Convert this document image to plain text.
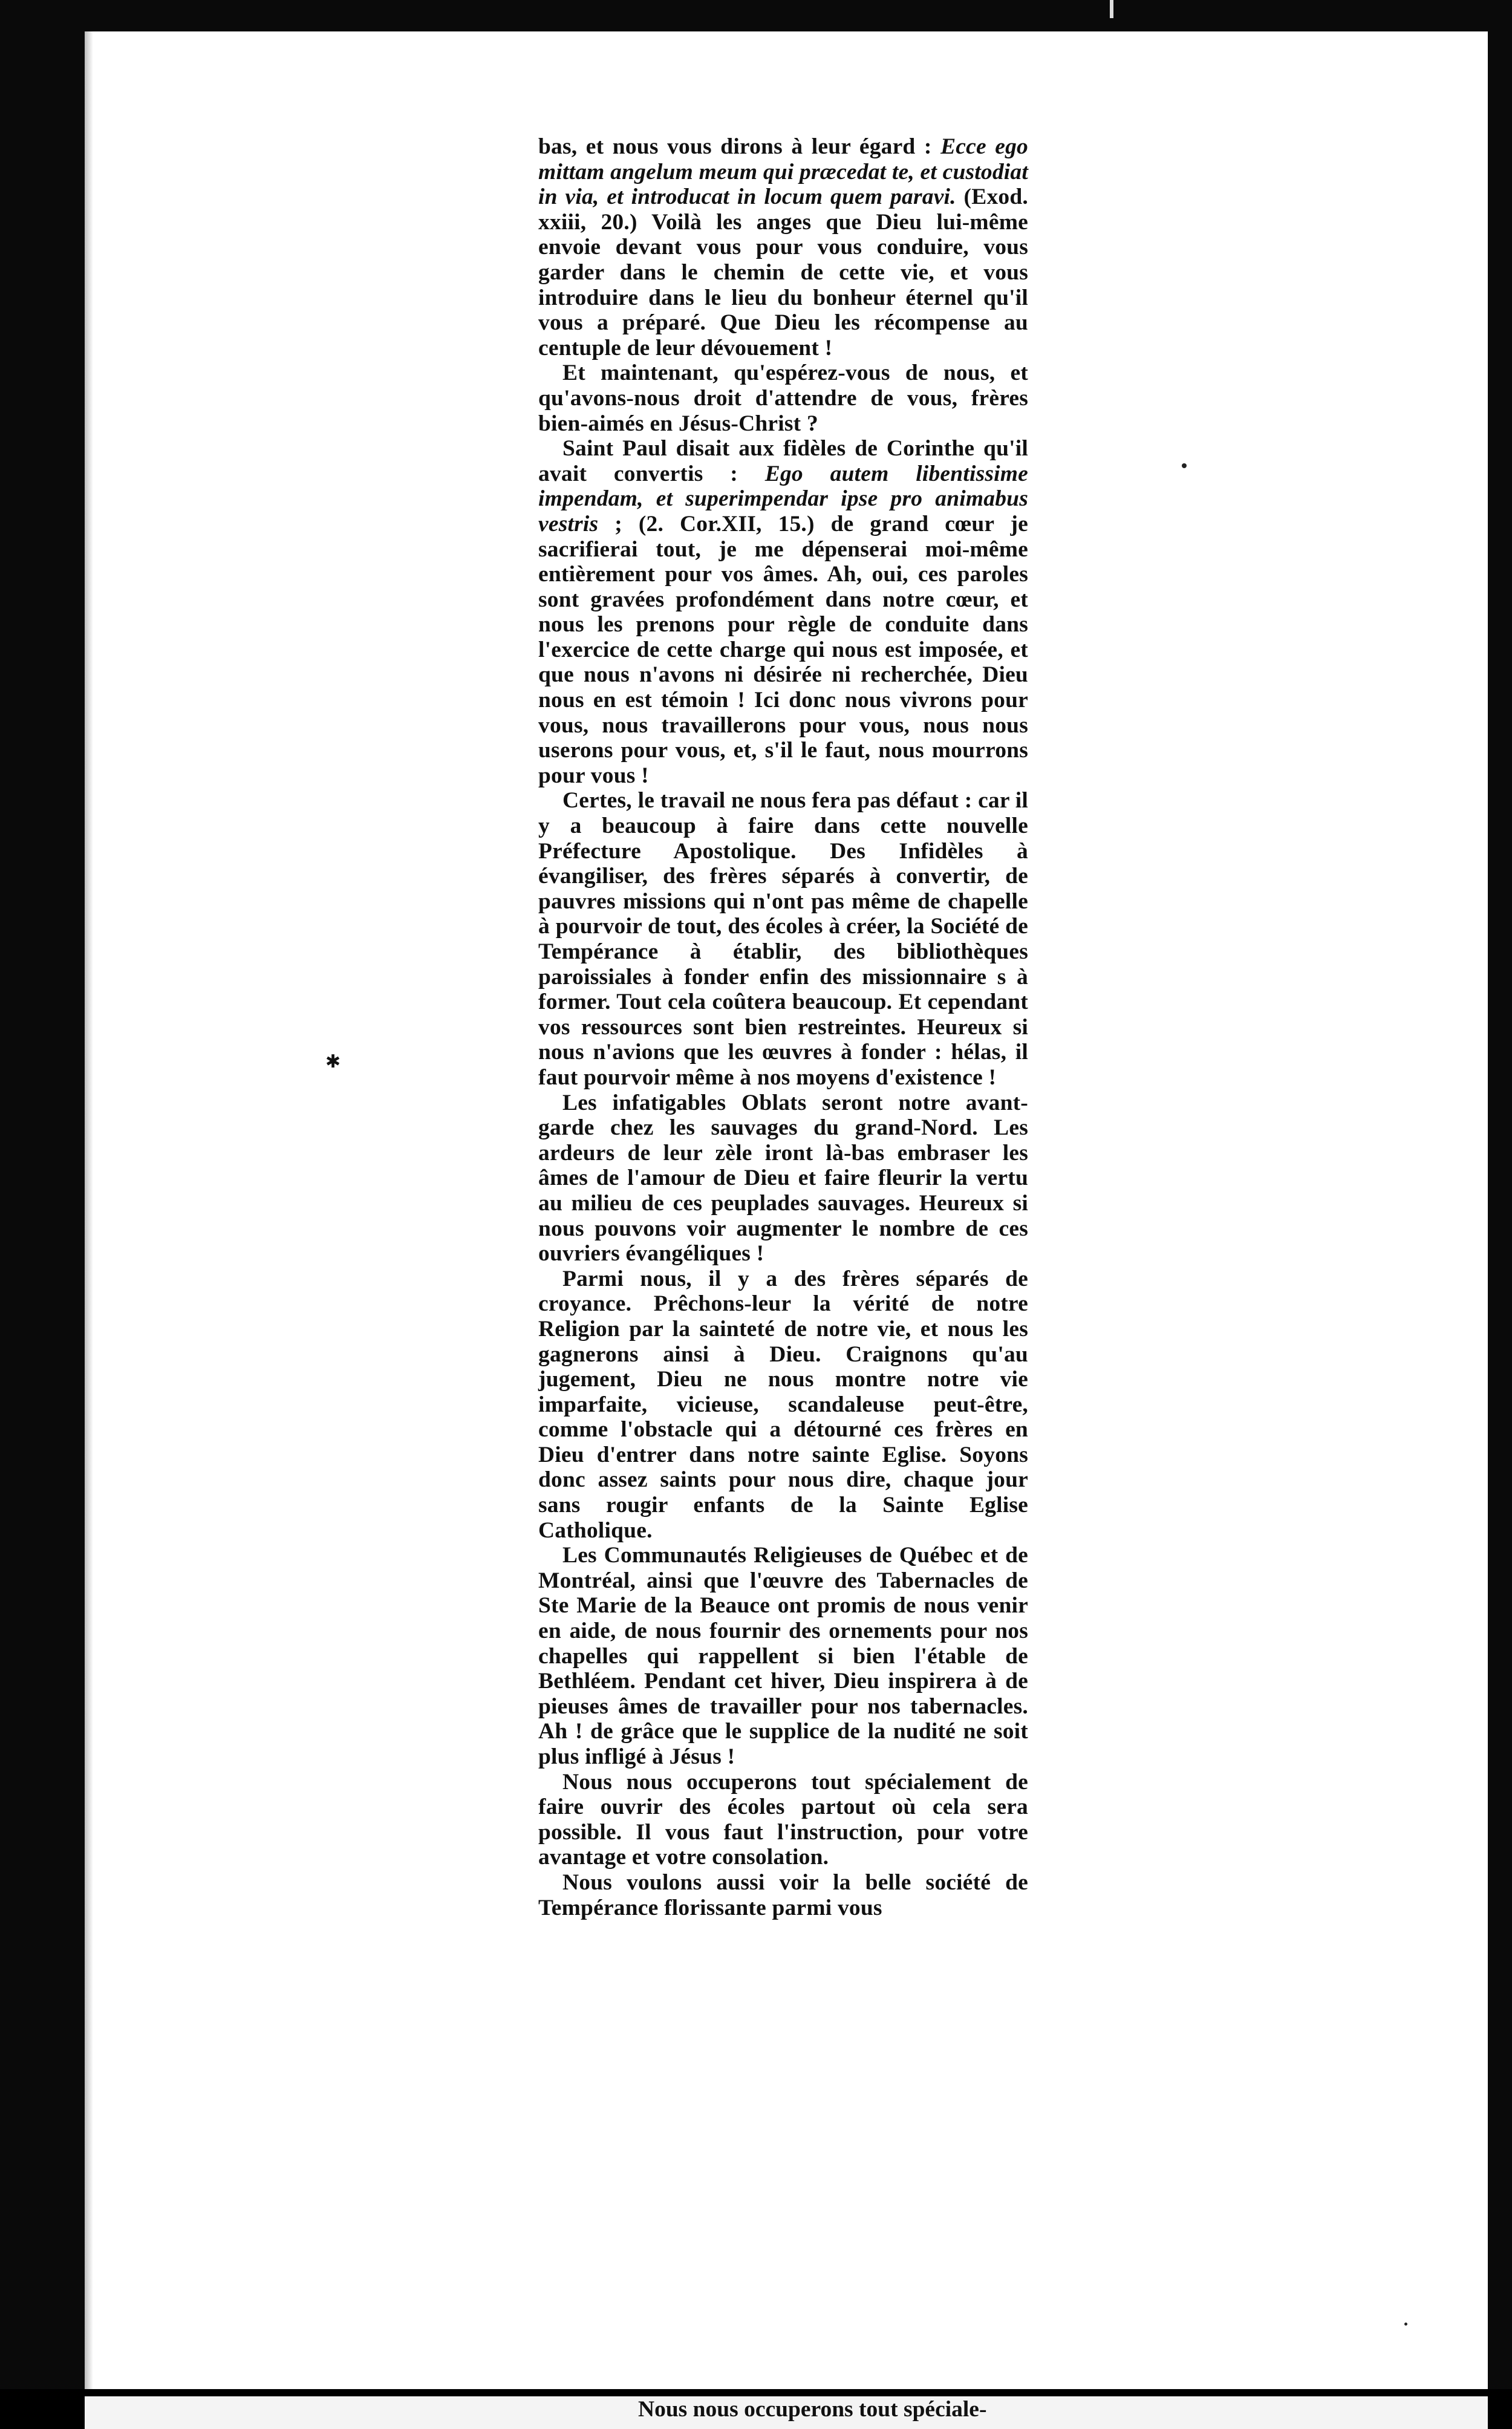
bas, et nous vous dirons à leur égard : Ecce ego mittam angelum meum qui præcedat te, et custodiat in via, et introducat in locum quem paravi. (Exod. xxiii, 20.) Voilà les anges que Dieu lui-même envoie devant vous pour vous conduire, vous garder dans le chemin de cette vie, et vous introduire dans le lieu du bonheur éternel qu'il vous a préparé. Que Dieu les récompense au centuple de leur dévouement !

Et maintenant, qu'espérez-vous de nous, et qu'avons-nous droit d'attendre de vous, frères bien-aimés en Jésus-Christ ?

Saint Paul disait aux fidèles de Corinthe qu'il avait convertis : Ego autem libentissime impendam, et superimpendar ipse pro animabus vestris ; (2. Cor.XII, 15.) de grand cœur je sacrifierai tout, je me dépenserai moi-même entièrement pour vos âmes. Ah, oui, ces paroles sont gravées profondément dans notre cœur, et nous les prenons pour règle de conduite dans l'exercice de cette charge qui nous est imposée, et que nous n'avons ni désirée ni recherchée, Dieu nous en est témoin ! Ici donc nous vivrons pour vous, nous travaillerons pour vous, nous nous userons pour vous, et, s'il le faut, nous mourrons pour vous !

Certes, le travail ne nous fera pas défaut : car il y a beaucoup à faire dans cette nouvelle Préfecture Apostolique. Des Infidèles à évangiliser, des frères séparés à convertir, de pauvres missions qui n'ont pas même de chapelle à pourvoir de tout, des écoles à créer, la Société de Tempérance à établir, des bibliothèques paroissiales à fonder enfin des missionnaire s à former. Tout cela coûtera beaucoup. Et cependant vos ressources sont bien restreintes. Heureux si nous n'avions que les œuvres à fonder : hélas, il faut pourvoir même à nos moyens d'existence !

Les infatigables Oblats seront notre avant-garde chez les sauvages du grand-Nord. Les ardeurs de leur zèle iront là-bas embraser les âmes de l'amour de Dieu et faire fleurir la vertu au milieu de ces peuplades sauvages. Heureux si nous pouvons voir augmenter le nombre de ces ouvriers évangéliques !

Parmi nous, il y a des frères séparés de croyance. Prêchons-leur la vérité de notre Religion par la sainteté de notre vie, et nous les gagnerons ainsi à Dieu. Craignons qu'au jugement, Dieu ne nous montre notre vie imparfaite, vicieuse, scandaleuse peut-être, comme l'obstacle qui a détourné ces frères en Dieu d'entrer dans notre sainte Eglise. Soyons donc assez saints pour nous dire, chaque jour sans rougir enfants de la Sainte Eglise Catholique.

Les Communautés Religieuses de Québec et de Montréal, ainsi que l'œuvre des Tabernacles de Ste Marie de la Beauce ont promis de nous venir en aide, de nous fournir des ornements pour nos chapelles qui rappellent si bien l'étable de Bethléem. Pendant cet hiver, Dieu inspirera à de pieuses âmes de travailler pour nos tabernacles. Ah ! de grâce que le supplice de la nudité ne soit plus infligé à Jésus !

Nous nous occuperons tout spécialement de faire ouvrir des écoles partout où cela sera possible. Il vous faut l'instruction, pour votre avantage et votre consolation.

Nous voulons aussi voir la belle société de Tempérance florissante parmi vous

✱
Nous nous occuperons tout spéciale-
